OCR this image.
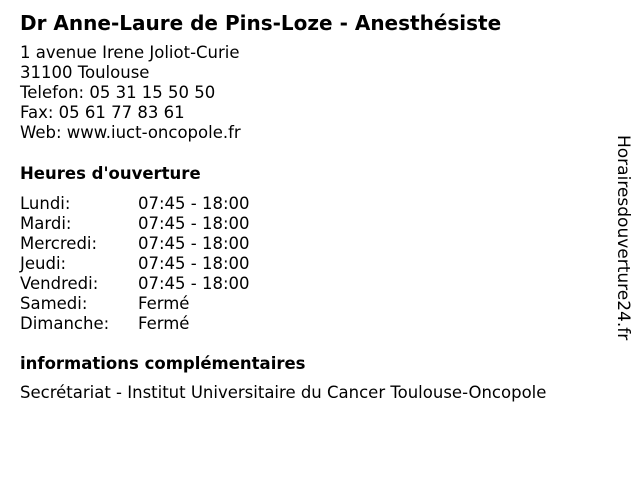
Dr Anne-Laure de Pins-Loze - Anesthésiste
1 avenue Irene Joliot-Curie
31100 Toulouse
Telefon: 05 31 15 50 50
Fax: 05 61 77 83 61
Web: www.iuct-oncopole.fr
Heures d'ouverture
Lundi:	07:45 - 18:00
Mardi:	07:45 - 18:00
Mercredi: 07:45 - 18:00
Jeudi:	07:45 - 18:00
Vendredi: 07:45 - 18:00
Samedi:	Fermé
Dimanche: Fermé
informations complémentaires
Secrétariat - Institut Universitaire du Cancer Toulouse-Oncopole
Horairesdouverture24.fr
